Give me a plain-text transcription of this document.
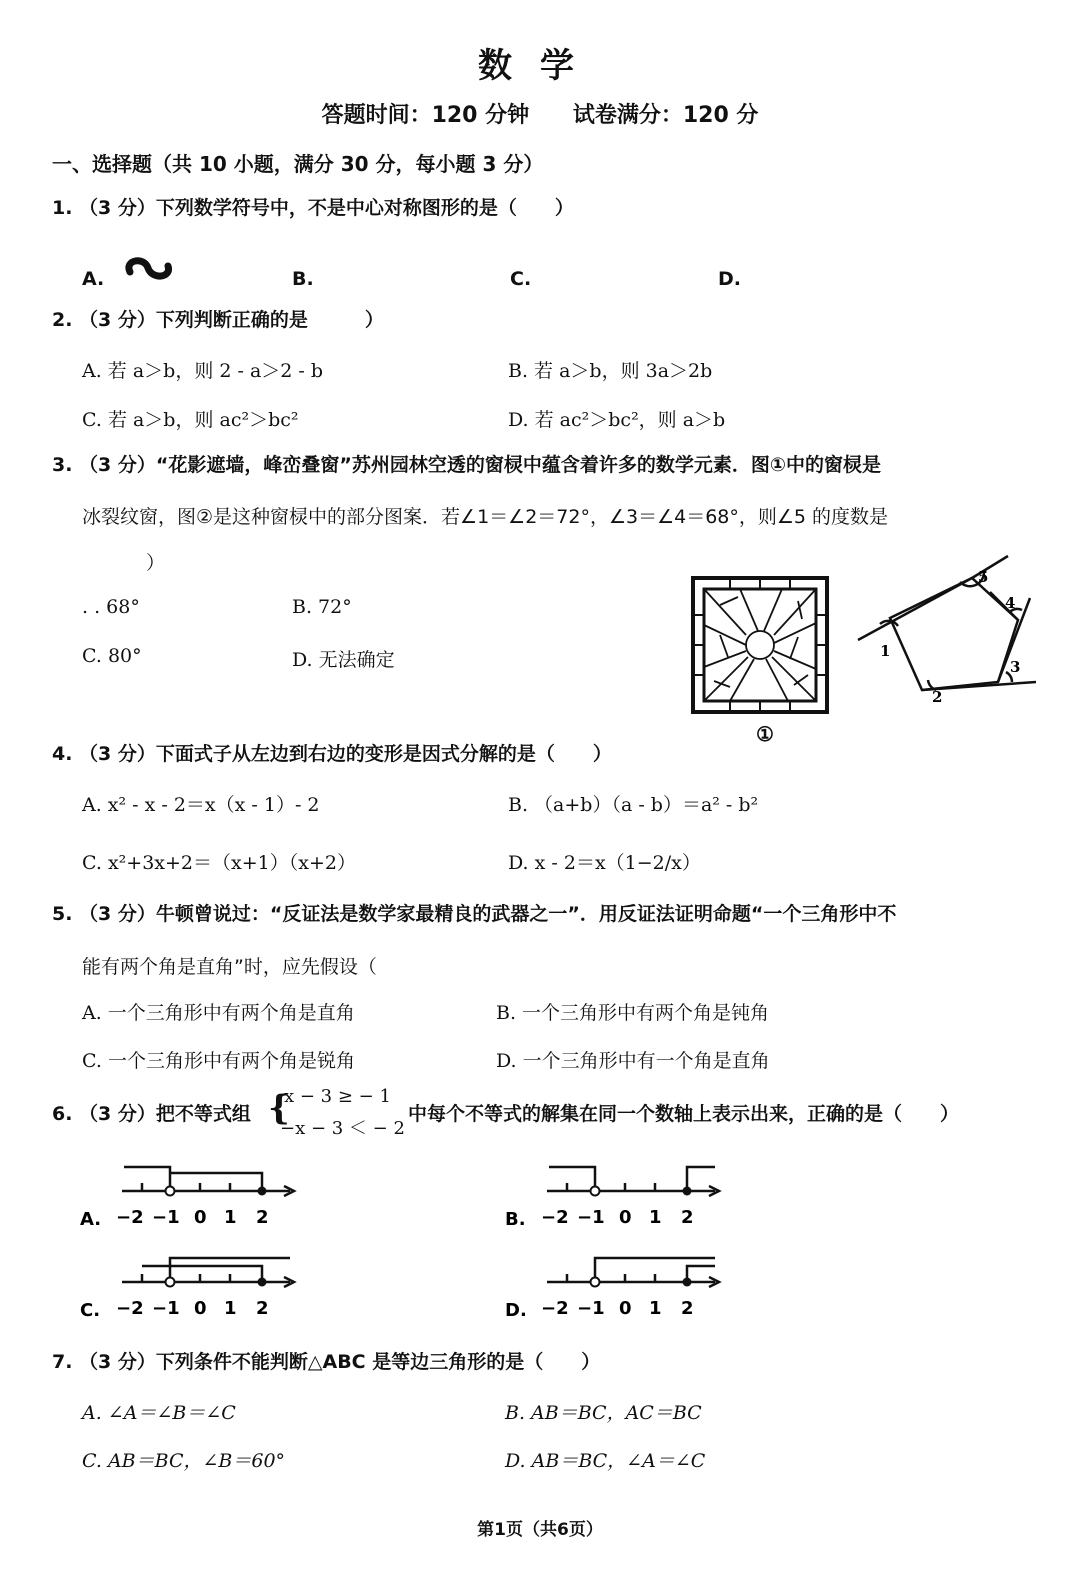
数学
答题时间：120 分钟 试卷满分：120 分
一、选择题（共 10 小题，满分 30 分，每小题 3 分）
1. （3 分）下列数学符号中，不是中心对称图形的是（　　）
A.	B.	C.	D.
2. （3 分）下列判断正确的是　　　）
A. 若 a＞b，则 2 - a＞2 - b	B. 若 a＞b，则 3a＞2b
C. 若 a＞b，则 ac²＞bc²	D. 若 ac²＞bc²，则 a＞b
3. （3 分）“花影遮墙，峰峦叠窗”苏州园林空透的窗棂中蕴含着许多的数学元素．图①中的窗棂是
冰裂纹窗，图②是这种窗棂中的部分图案．若∠1＝∠2＝72°，∠3＝∠4＝68°，则∠5 的度数是
）
. . 68°	B. 72°
C. 80°	D. 无法确定
①
1
2
3
4
5
4. （3 分）下面式子从左边到右边的变形是因式分解的是（　　）
A. x² - x - 2＝x（x - 1）- 2	B. （a+b）（a - b）＝a² - b²
C. x²+3x+2＝（x+1）（x+2）	D. x - 2＝x（1−2/x）
5. （3 分）牛顿曾说过：“反证法是数学家最精良的武器之一”．用反证法证明命题“一个三角形中不
能有两个角是直角”时，应先假设（
A. 一个三角形中有两个角是直角	B. 一个三角形中有两个角是钝角
C. 一个三角形中有两个角是锐角	D. 一个三角形中有一个角是直角
6. （3 分）把不等式组 {
x − 3 ≥ − 1
−x − 3 ＜ − 2
中每个不等式的解集在同一个数轴上表示出来，正确的是（　　）
A. −2 −1 0 1 2	B. −2 −1 0 1 2
C. −2 −1 0 1 2	D. −2 −1 0 1 2
7. （3 分）下列条件不能判断△ABC 是等边三角形的是（　　）
A. ∠A＝∠B＝∠C	B. AB＝BC，AC＝BC
C. AB＝BC，∠B＝60°	D. AB＝BC，∠A＝∠C
第1页（共6页）
